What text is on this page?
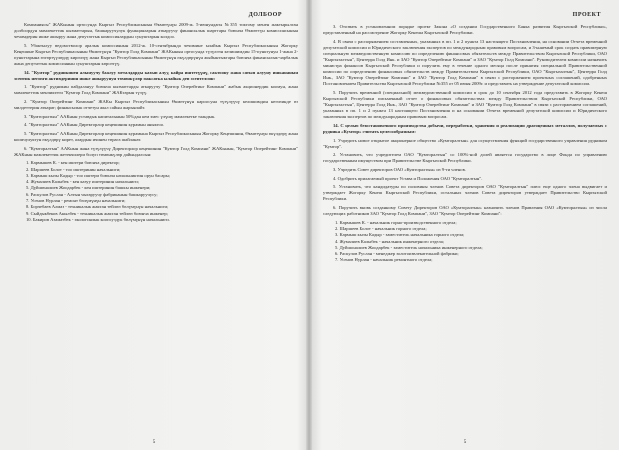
ДОЛБООР

Компаниясы" ЖАКынын ортосунда Кыргыз Республикасынын Өкмөтүнүн 2009-ж. 5-июнундагы №355 токтому менен жактырылган долбоордун мамлекеттик кызматтарын, башкаруучулук функцияларын аткаруучу финансылык шарттары боюнча Өкмөттүн комиссиясынын чечимдерин ишке ашыруу жана депутаттык комиссиялардын сунуштарын колдоо.

5. Убактылуу ведомстволор аралык комиссиянын 2012-ж. 10-сентябрында чечимине ылайык Кыргыз Республикасынын Жогорку Кеңешине Кыргыз Республикасынын Өкмөтүнүн "Кумтор Голд Компани" ЖАКынын ортосунда түзүлгөн келишимдин 15-пунктунун 1-жана 2-пункттарына өзгөртүүлөрдү киргизүү жана Кыргыз Республикасынын Өкмөтүнүн өкүлдөрүнүн жыйынтыктары боюнча финансылык-чарбалык жана депутаттык комиссиянын сунуштарын көрсөтүү.

14. "Кумтор" рудникинен алынуучу баалуу металдарды казып алуу, кайра иштетүүнү, сактоону жана сатып алууну ишкананын эсептик негизги активдеринин ишке ашыруунун төмөнкүлөр максатка ылайык деп эсептелсин:

1. "Кумтор" рудникин пайдалануу боюнча кызматтарды аткаруучу "Кумтор Оперейтинг Компани" жабык акционердик коомун, жана мамлекеттик менчиктеги "Кумтор Голд Компани" ЖАКтарын түзүү.

2. "Кумтор Оперейтинг Компани" ЖАКы Кыргыз Республикасынын Өкмөтүнүн кароосуна түзүлүүчү келишимдин негизинде өз милдеттерин аткарат; финансылык отчетун жыл сайын жарыялайт.

3. "Кумторалтын" ААКнын уставдык капиталынын 50%дан кем эмес үлүшү мамлекетке таандык.

4. "Кумторалтын" ААКнын Директорлор кеңешинин курамын аныктоо.

5. "Кумторалтын" ААКнын Директорлор кеңешинин курамына Кыргыз Республикасынын Жогорку Кеңешинин, Өкмөтүнүн өкүлдөрү жана коомчулуктун өкүлдөрү кирет, алардын ичинен төрага шайланат.

6. "Кумторалтын" ААКнын жана түзүлүүчү Директорлор кеңешинин "Кумтор Голд Компани" ЖАКынын, "Кумтор Оперейтинг Компани" ЖАКнын мамлекеттик жетекчилери болуп төмөнкүлөр дайындалсын:

1. Кармышев К. - кен иштери боюнча директор;
2. Шаршеев Болот - тоо иштеринин начальниги;
3. Кармыш кызы Кадыр - тоо иштери боюнча начальниктин орун басары;
4. Жумалиев Калыбек - кен казуу иштеринин начальниги;
5. Дүйшөналиев Жоодарбек - кен иштеринин башкы инженери;
6. Раскулов Руслан - Алтын чыгаруучу фабриканын башкаруучусу;
7. Усенов Нурлан - ремонт бөлүмүнүн начальниги;
8. Борчебаев Алмаз - техникалык жактан тейлөө бөлүмүнүн начальниги;
9. Сыйдыкбеков Акылбек - техникалык жактан тейлөө боюнча инженер;
10. Бакиров Азаматбек - экологиялык коопсуздук бөлүмүнүн начальниги.
5
ПРОЕКТ

3. Отозвать в установленном порядке проект Закона «О создании Государственного Банка развития Кыргызской Республики», представленный на рассмотрение Жогорку Кенеша Кыргызской Республики.

4. В связи с распоряжением составленных, указанных в пп. 1 и 2 пункта 13 настоящего Постановления, на основании Отчета временной депутатской комиссии и Юридического заключения экспертов по международным правовым вопросам, и 3-ьняемый срок создать правомерную специальную межведомственную комиссию по определению финансовых обязательств между Правительством Кыргызской Республики, ОАО "Кыргызалтын", Центерра Голд Инк. и ЗАО "Кумтор Оперейтинг Компани" и ЗАО "Кумтор Голд Компани". Руководителем комиссии назначить министра финансов Кыргызской Республики и поручить ему в течение одного месяца после принятия специальной Правительственной комиссии по определению финансовых обязательств между Правительством Кыргызской Республики, ОАО "Кыргызалтын", Центерра Голд Инк., ЗАО "Кумтор Оперейтинг Компани" и ЗАО "Кумтор Голд Компани" в связи с расторжением проектных соглашений, одобренных Постановлением Правительства Кыргызской Республики №355 от 05 июня 2009г. и представить на утверждение депутатской комиссии.

5. Поручить временной (специальной) межведомственной комиссии в срок до 10 сентября 2012 года представить в Жогорку Кенеш Кыргызской Республики письменный отчет о финансовых обязательствах между Правительством Кыргызской Республики, ОАО "Кыргызалтын", Центерра Голд Инк., ЗАО "Кумтор Оперейтинг Компани" и ЗАО "Кумтор Голд Компани" в связи с расторжением соглашений, указанных в пп. 1 и 2 пункта 13 настоящего Постановления и на основании Отчета временной депутатской комиссии и Юридического заключения экспертов по международным правовым вопросам.

14. С целью безостановочного производства добычи, переработки, хранения и реализации драгоценных металлов, получаемых с рудника «Кумтор» считать целесообразным:

1. Учредить новое открытое акционерное общество «Кумторалтын» для осуществления функций государственного управления рудником "Кумтор".

2. Установить, что учредителем ОАО "Кумторалтын" со 100%-ной долей является государство в лице Фонда по управлению государственным имуществом при Правительстве Кыргызской Республики.

3. Учредить Совет директоров ОАО «Кумторалтын» из 9-ти членов.

4. Одобрить прилагаемый проект Устава и Положения ОАО "Кумторалтын".

5. Установить, что кандидатуры по половины членов Совета директоров ОАО "Кумторалтын" плюс еще одного члена выдвигает и утверждает Жогорку Кенеш Кыргызской Республики, остальных членов Совета директоров утверждает Правительство Кыргызской Республики.

6. Поручить вновь созданному Совету Директоров ОАО «Кумторалтын» назначить членов Правления ОАО «Кумторалтын» из числа следующих работников ЗАО "Кумтор Голд Компани", ЗАО "Кумтор Оперейтинг Компани":

1. Кармышев К. - начальник горно-производственного отдела;
2. Шаршеев Болот - начальник горного отдела;
3. Кармыш кызы Кадыр - заместитель начальника горного отдела;
4. Жумалиев Калыбек - начальник инженерного отдела;
5. Дуйшоналиев Жоодарбек - заместитель начальника инженерного отдела;
6. Раскулов Руслан - менеджер золотоизвлекательной фабрики;
7. Усенов Нурлан - начальник ремонтного отдела;
5
